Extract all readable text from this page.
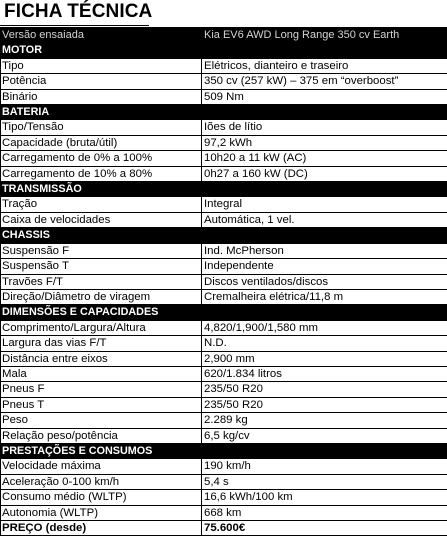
FICHA TÉCNICA
Versão ensaiada	Kia EV6 AWD Long Range 350 cv Earth
MOTOR	
Tipo	Elétricos, dianteiro e traseiro
Potência	350 cv (257 kW) – 375 em “overboost”
Binário	509 Nm
BATERIA	
Tipo/Tensão	Iões de lítio
Capacidade (bruta/útil)	97,2 kWh
Carregamento de 0% a 100%	10h20 a 11 kW (AC)
Carregamento de 10% a 80%	0h27 a 160 kW (DC)
TRANSMISSÃO	
Tração	Integral
Caixa de velocidades	Automática, 1 vel.
CHASSIS	
Suspensão F	Ind. McPherson
Suspensão T	Independente
Travões F/T	Discos ventilados/discos
Direção/Diâmetro de viragem	Cremalheira elétrica/11,8 m
DIMENSÕES E CAPACIDADES	
Comprimento/Largura/Altura	4,820/1,900/1,580 mm
Largura das vias F/T	N.D.
Distância entre eixos	2,900 mm
Mala	620/1.834 litros
Pneus F	235/50 R20
Pneus T	235/50 R20
Peso	2.289 kg
Relação peso/potência	6,5 kg/cv
PRESTAÇÕES E CONSUMOS	
Velocidade máxima	190 km/h
Aceleração 0-100 km/h	5,4 s
Consumo médio (WLTP)	16,6 kWh/100 km
Autonomia (WLTP)	668 km
PREÇO (desde)	75.600€
